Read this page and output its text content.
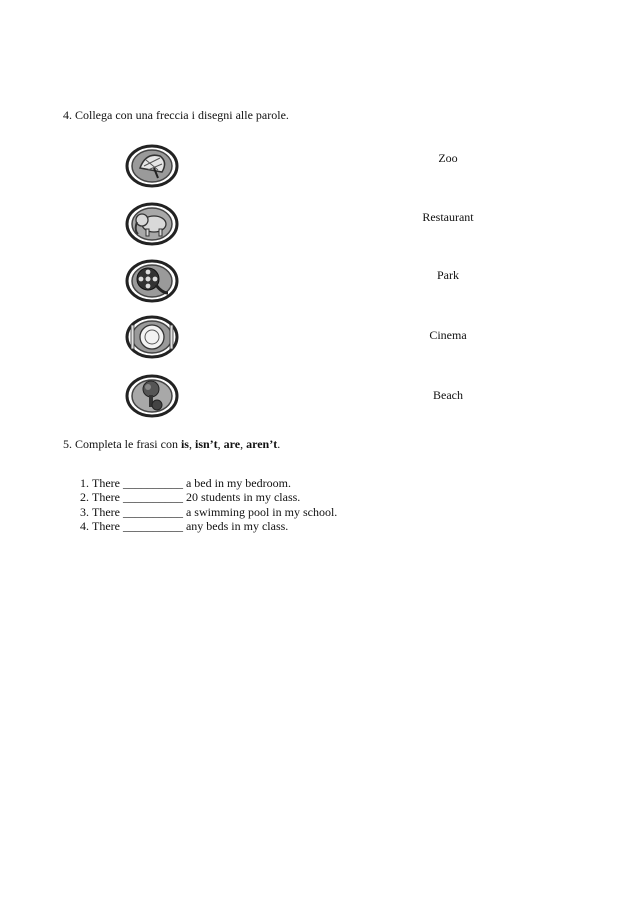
4. Collega con una freccia i disegni alle parole.
Zoo
Restaurant
Park
Cinema
Beach
5. Completa le frasi con is, isn’t, are, aren’t.
1. There __________ a bed in my bedroom.
2. There __________ 20 students in my class.
3. There __________ a swimming pool in my school.
4. There __________ any beds in my class.
